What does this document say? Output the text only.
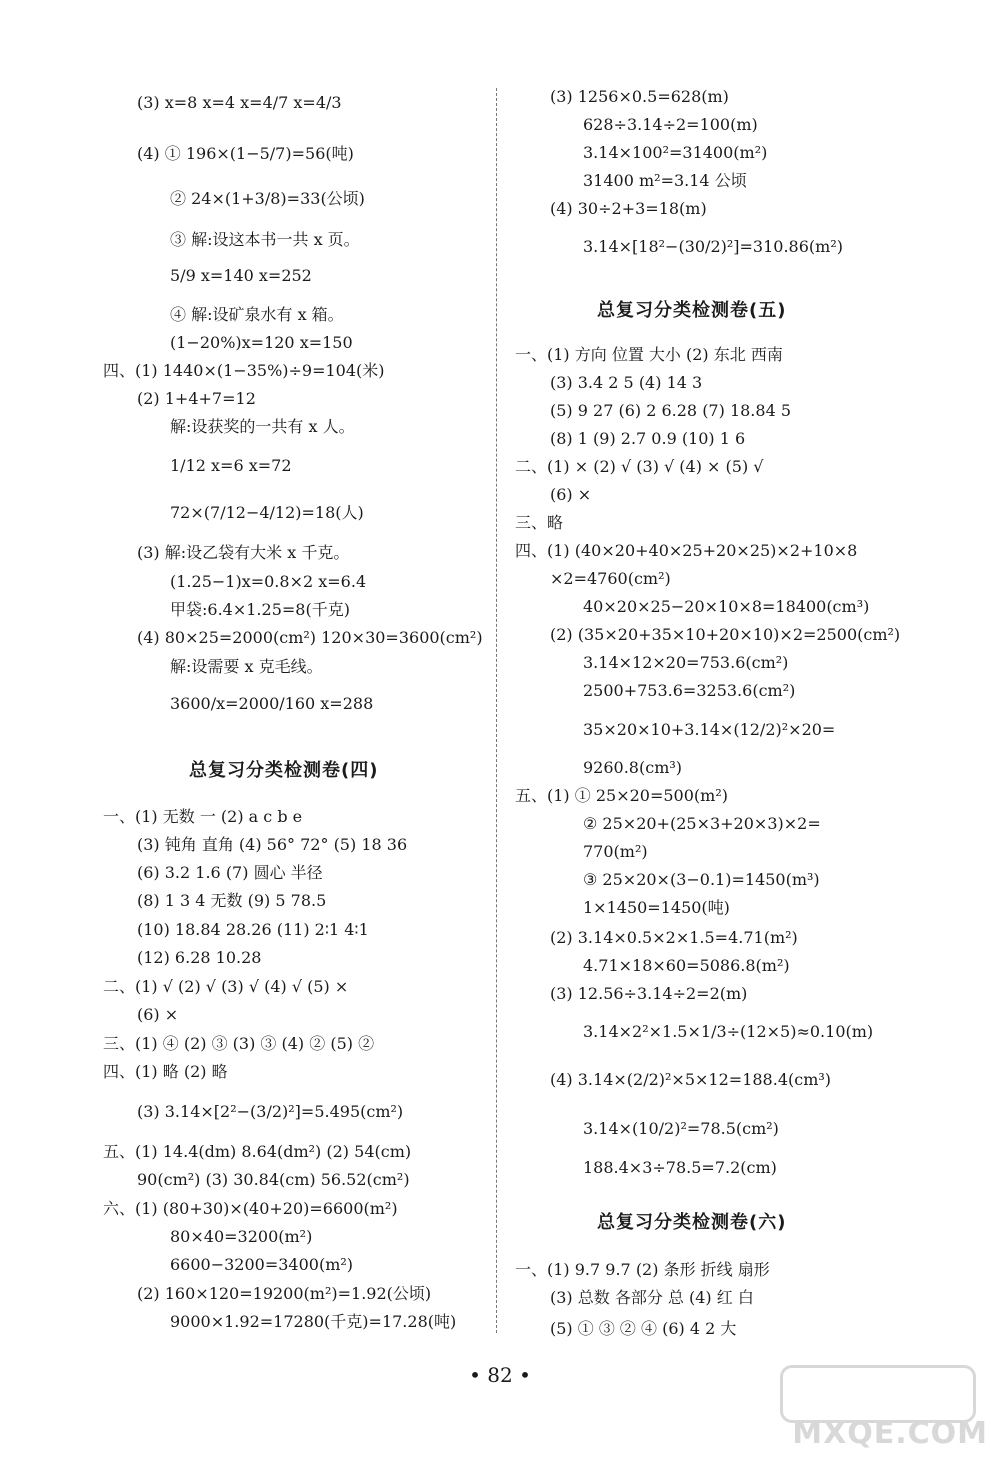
(3) x=8 x=4 x=4/7 x=4/3
(4) ① 196×(1−5/7)=56(吨)
② 24×(1+3/8)=33(公顷)
③ 解:设这本书一共 x 页。
5/9 x=140 x=252
④ 解:设矿泉水有 x 箱。
(1−20%)x=120 x=150
四、(1) 1440×(1−35%)÷9=104(米)
(2) 1+4+7=12
解:设获奖的一共有 x 人。
1/12 x=6 x=72
72×(7/12−4/12)=18(人)
(3) 解:设乙袋有大米 x 千克。
(1.25−1)x=0.8×2 x=6.4
甲袋:6.4×1.25=8(千克)
(4) 80×25=2000(cm²) 120×30=3600(cm²)
解:设需要 x 克毛线。
3600/x=2000/160 x=288
一、(1) 无数 一 (2) a c b e
(3) 钝角 直角 (4) 56° 72° (5) 18 36
(6) 3.2 1.6 (7) 圆心 半径
(8) 1 3 4 无数 (9) 5 78.5
(10) 18.84 28.26 (11) 2∶1 4∶1
(12) 6.28 10.28
二、(1) √ (2) √ (3) √ (4) √ (5) ×
(6) ×
三、(1) ④ (2) ③ (3) ③ (4) ② (5) ②
四、(1) 略 (2) 略
(3) 3.14×[2²−(3/2)²]=5.495(cm²)
五、(1) 14.4(dm) 8.64(dm²) (2) 54(cm)
90(cm²) (3) 30.84(cm) 56.52(cm²)
六、(1) (80+30)×(40+20)=6600(m²)
80×40=3200(m²)
6600−3200=3400(m²)
(2) 160×120=19200(m²)=1.92(公顷)
9000×1.92=17280(千克)=17.28(吨)
总复习分类检测卷(四)
(3) 1256×0.5=628(m)
628÷3.14÷2=100(m)
3.14×100²=31400(m²)
31400 m²=3.14 公顷
(4) 30÷2+3=18(m)
3.14×[18²−(30/2)²]=310.86(m²)
一、(1) 方向 位置 大小 (2) 东北 西南
(3) 3.4 2 5 (4) 14 3
(5) 9 27 (6) 2 6.28 (7) 18.84 5
(8) 1 (9) 2.7 0.9 (10) 1 6
二、(1) × (2) √ (3) √ (4) × (5) √
(6) ×
三、略
四、(1) (40×20+40×25+20×25)×2+10×8
×2=4760(cm²)
40×20×25−20×10×8=18400(cm³)
(2) (35×20+35×10+20×10)×2=2500(cm²)
3.14×12×20=753.6(cm²)
2500+753.6=3253.6(cm²)
35×20×10+3.14×(12/2)²×20=
9260.8(cm³)
五、(1) ① 25×20=500(m²)
② 25×20+(25×3+20×3)×2=
770(m²)
③ 25×20×(3−0.1)=1450(m³)
1×1450=1450(吨)
(2) 3.14×0.5×2×1.5=4.71(m²)
4.71×18×60=5086.8(m²)
(3) 12.56÷3.14÷2=2(m)
3.14×2²×1.5×1/3÷(12×5)≈0.10(m)
(4) 3.14×(2/2)²×5×12=188.4(cm³)
3.14×(10/2)²=78.5(cm²)
188.4×3÷78.5=7.2(cm)
一、(1) 9.7 9.7 (2) 条形 折线 扇形
(3) 总数 各部分 总 (4) 红 白
(5) ① ③ ② ④ (6) 4 2 大
总复习分类检测卷(五)
总复习分类检测卷(六)
• 82 •
MXQE.COM
